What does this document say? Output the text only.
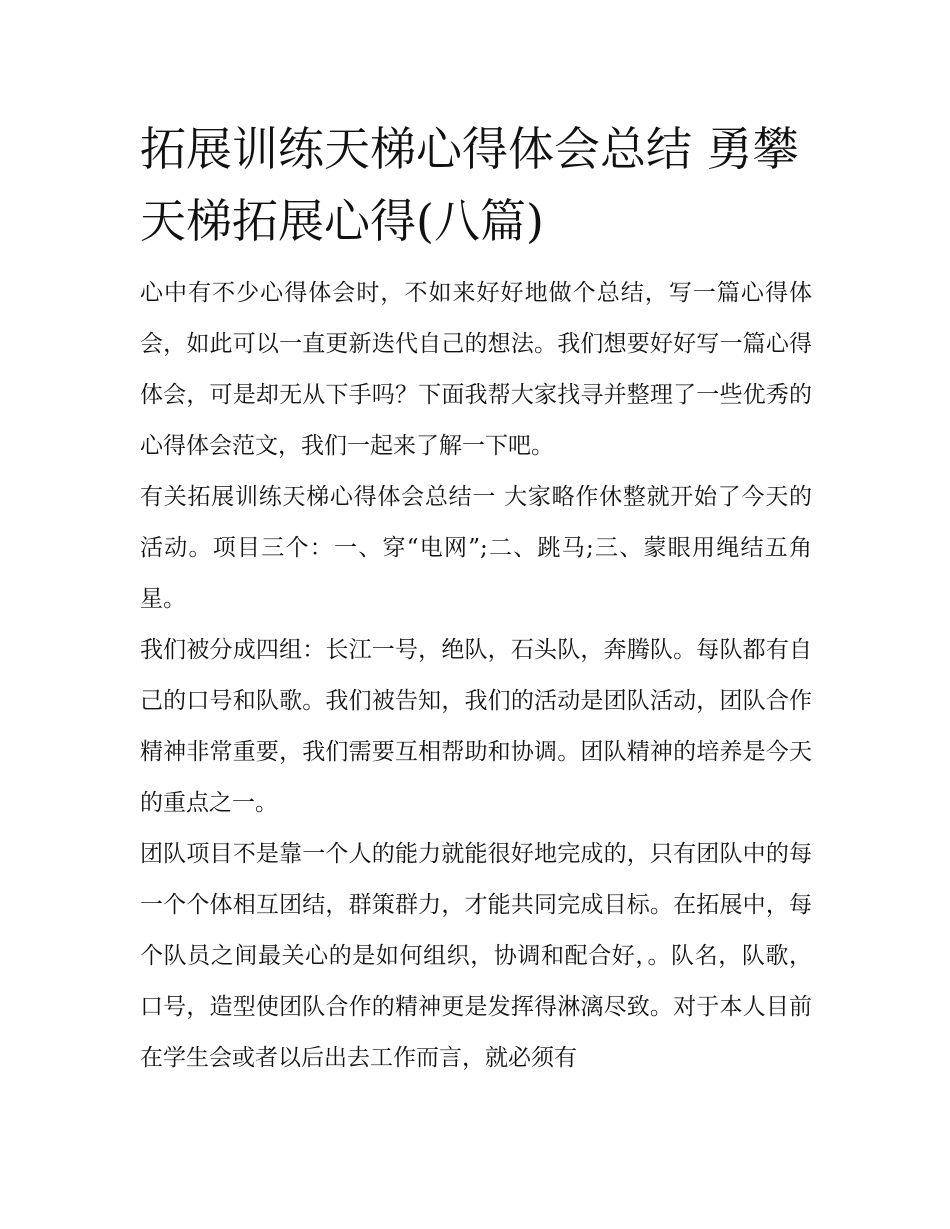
拓展训练天梯心得体会总结 勇攀天梯拓展心得(八篇)

心中有不少心得体会时，不如来好好地做个总结，写一篇心得体会，如此可以一直更新迭代自己的想法。我们想要好好写一篇心得体会，可是却无从下手吗？下面我帮大家找寻并整理了一些优秀的心得体会范文，我们一起来了解一下吧。

有关拓展训练天梯心得体会总结一 大家略作休整就开始了今天的活动。项目三个：一、穿“电网”;二、跳马;三、蒙眼用绳结五角星。

我们被分成四组：长江一号，绝队，石头队，奔腾队。每队都有自己的口号和队歌。我们被告知，我们的活动是团队活动，团队合作精神非常重要，我们需要互相帮助和协调。团队精神的培养是今天的重点之一。

团队项目不是靠一个人的能力就能很好地完成的，只有团队中的每一个个体相互团结，群策群力，才能共同完成目标。在拓展中，每个队员之间最关心的是如何组织，协调和配合好，。队名，队歌，口号，造型使团队合作的精神更是发挥得淋漓尽致。对于本人目前在学生会或者以后出去工作而言，就必须有
